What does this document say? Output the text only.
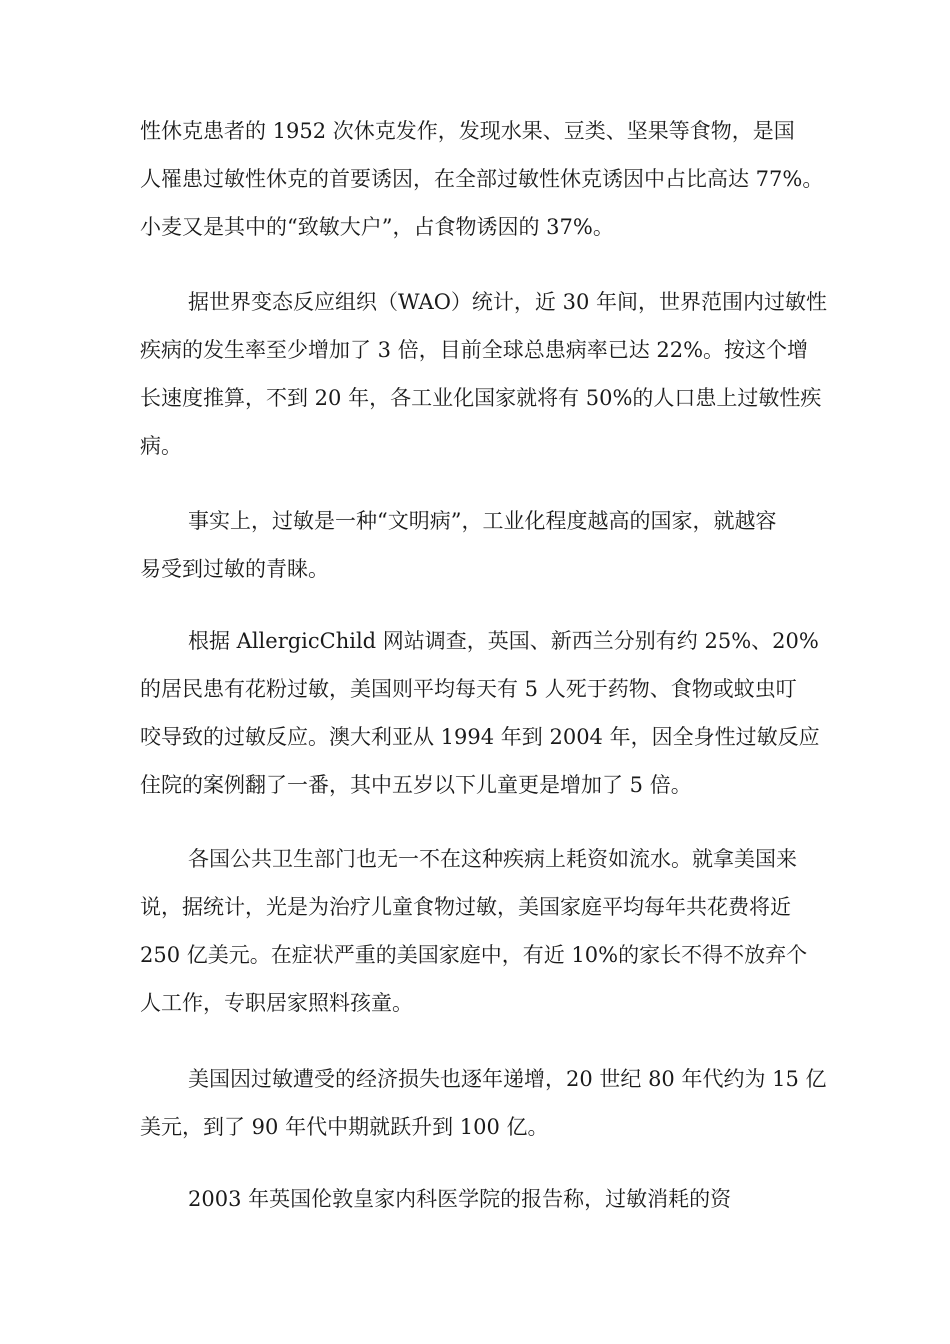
性休克患者的 1952 次休克发作，发现水果、豆类、坚果等食物，是国
人罹患过敏性休克的首要诱因，在全部过敏性休克诱因中占比高达 77%。
小麦又是其中的“致敏大户”，占食物诱因的 37%。
据世界变态反应组织（WAO）统计，近 30 年间，世界范围内过敏性
疾病的发生率至少增加了 3 倍，目前全球总患病率已达 22%。按这个增
长速度推算，不到 20 年，各工业化国家就将有 50%的人口患上过敏性疾
病。
事实上，过敏是一种“文明病”，工业化程度越高的国家，就越容
易受到过敏的青睐。
根据 AllergicChild 网站调查，英国、新西兰分别有约 25%、20%
的居民患有花粉过敏，美国则平均每天有 5 人死于药物、食物或蚊虫叮
咬导致的过敏反应。澳大利亚从 1994 年到 2004 年，因全身性过敏反应
住院的案例翻了一番，其中五岁以下儿童更是增加了 5 倍。
各国公共卫生部门也无一不在这种疾病上耗资如流水。就拿美国来
说，据统计，光是为治疗儿童食物过敏，美国家庭平均每年共花费将近
250 亿美元。在症状严重的美国家庭中，有近 10%的家长不得不放弃个
人工作，专职居家照料孩童。
美国因过敏遭受的经济损失也逐年递增，20 世纪 80 年代约为 15 亿
美元，到了 90 年代中期就跃升到 100 亿。
2003 年英国伦敦皇家内科医学院的报告称，过敏消耗的资
